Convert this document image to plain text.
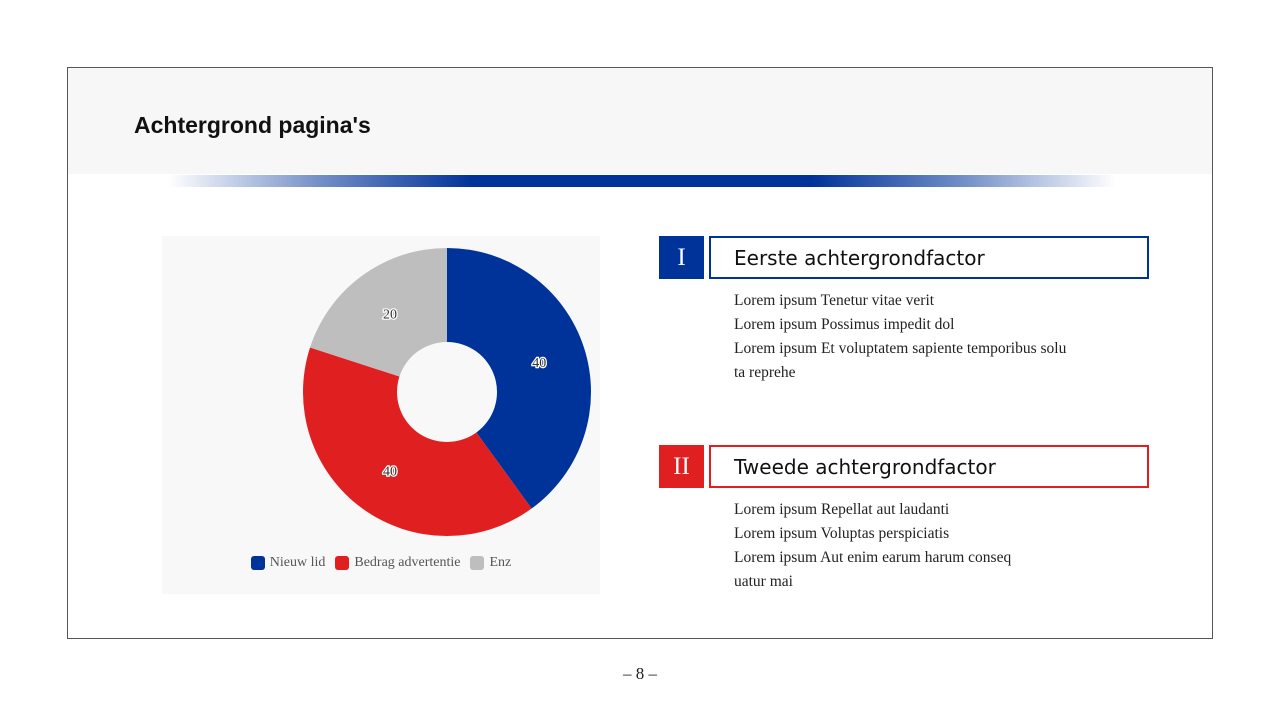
Achtergrond pagina's
40
40
20
Nieuw lid Bedrag advertentie Enz
I	Eerste achtergrondfactor
Lorem ipsum Tenetur vitae verit
Lorem ipsum Possimus impedit dol
Lorem ipsum Et voluptatem sapiente temporibus solu
ta reprehe
II	Tweede achtergrondfactor
Lorem ipsum Repellat aut laudanti
Lorem ipsum Voluptas perspiciatis
Lorem ipsum Aut enim earum harum conseq
uatur mai
– 8 –
